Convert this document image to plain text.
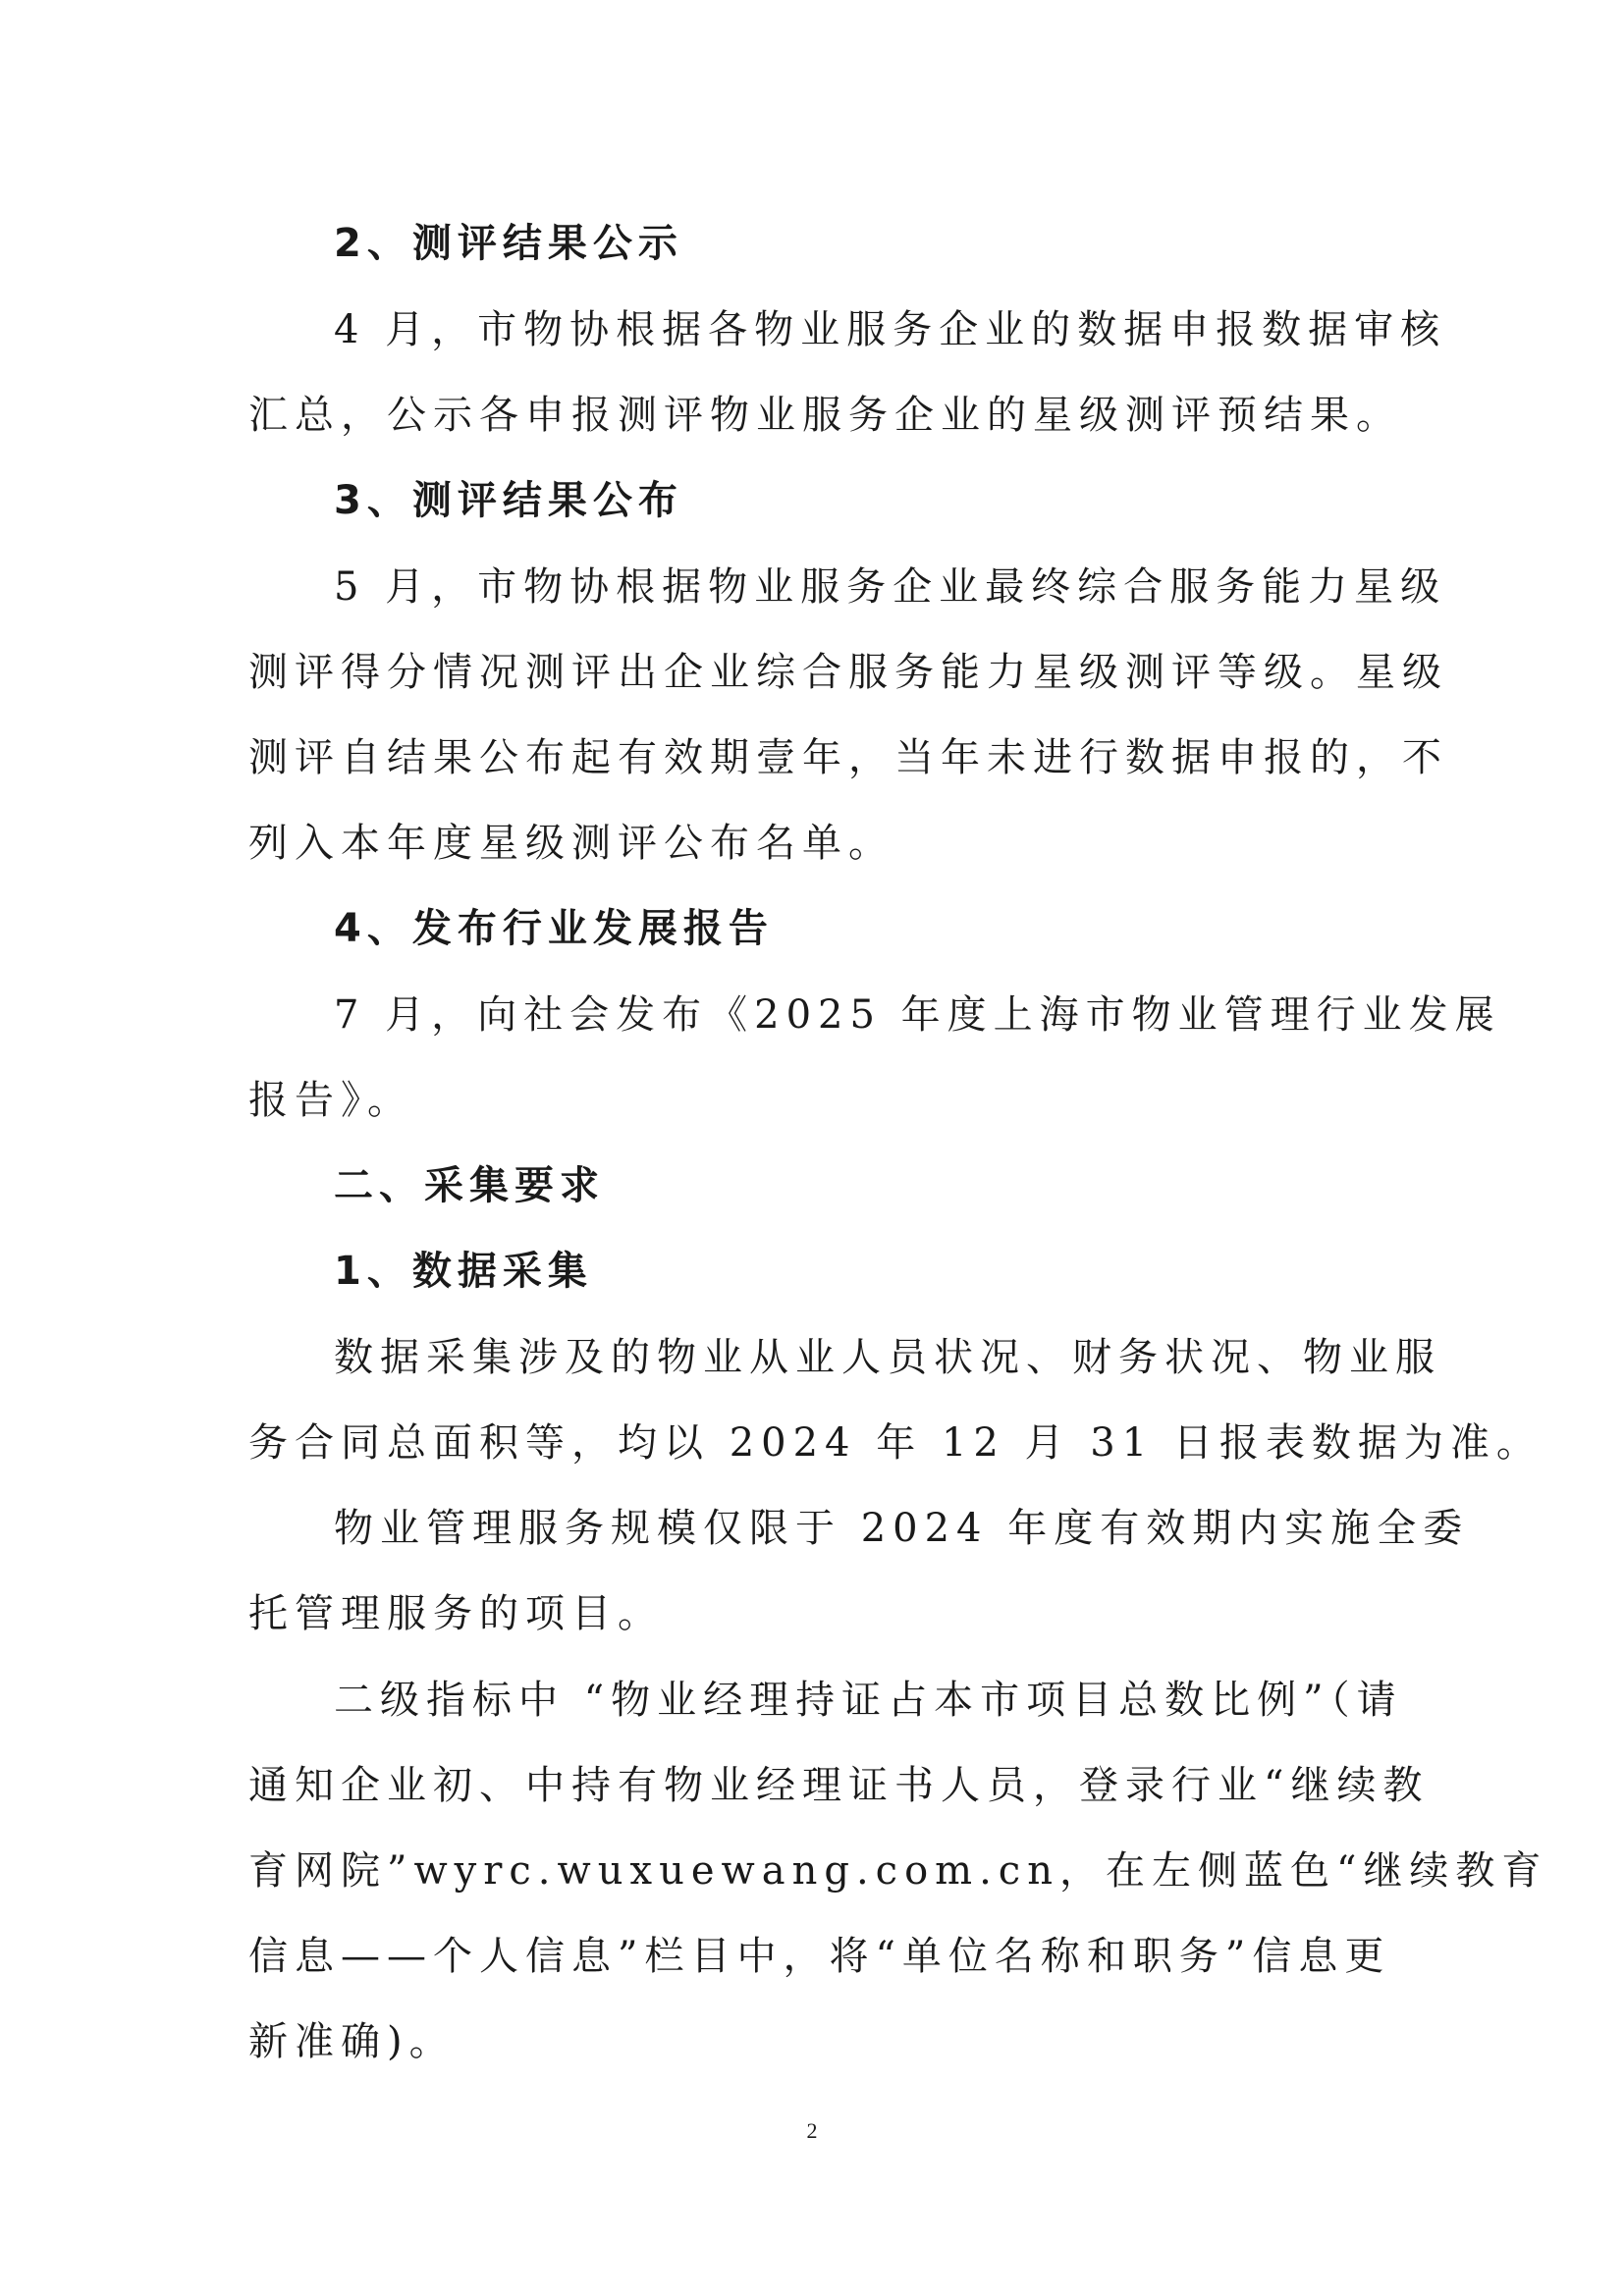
2、测评结果公示
4 月，市物协根据各物业服务企业的数据申报数据审核
汇总，公示各申报测评物业服务企业的星级测评预结果。
3、测评结果公布
5 月，市物协根据物业服务企业最终综合服务能力星级
测评得分情况测评出企业综合服务能力星级测评等级。星级
测评自结果公布起有效期壹年，当年未进行数据申报的，不
列入本年度星级测评公布名单。
4、发布行业发展报告
7 月，向社会发布《2025 年度上海市物业管理行业发展
报告》。
二、采集要求
1、数据采集
数据采集涉及的物业从业人员状况、财务状况、物业服
务合同总面积等，均以 2024 年 12 月 31 日报表数据为准。
物业管理服务规模仅限于 2024 年度有效期内实施全委
托管理服务的项目。
二级指标中 “物业经理持证占本市项目总数比例”（请
通知企业初、中持有物业经理证书人员，登录行业“继续教
育网院”wyrc.wuxuewang.com.cn，在左侧蓝色“继续教育
信息——个人信息”栏目中，将“单位名称和职务”信息更
新准确)。
2
